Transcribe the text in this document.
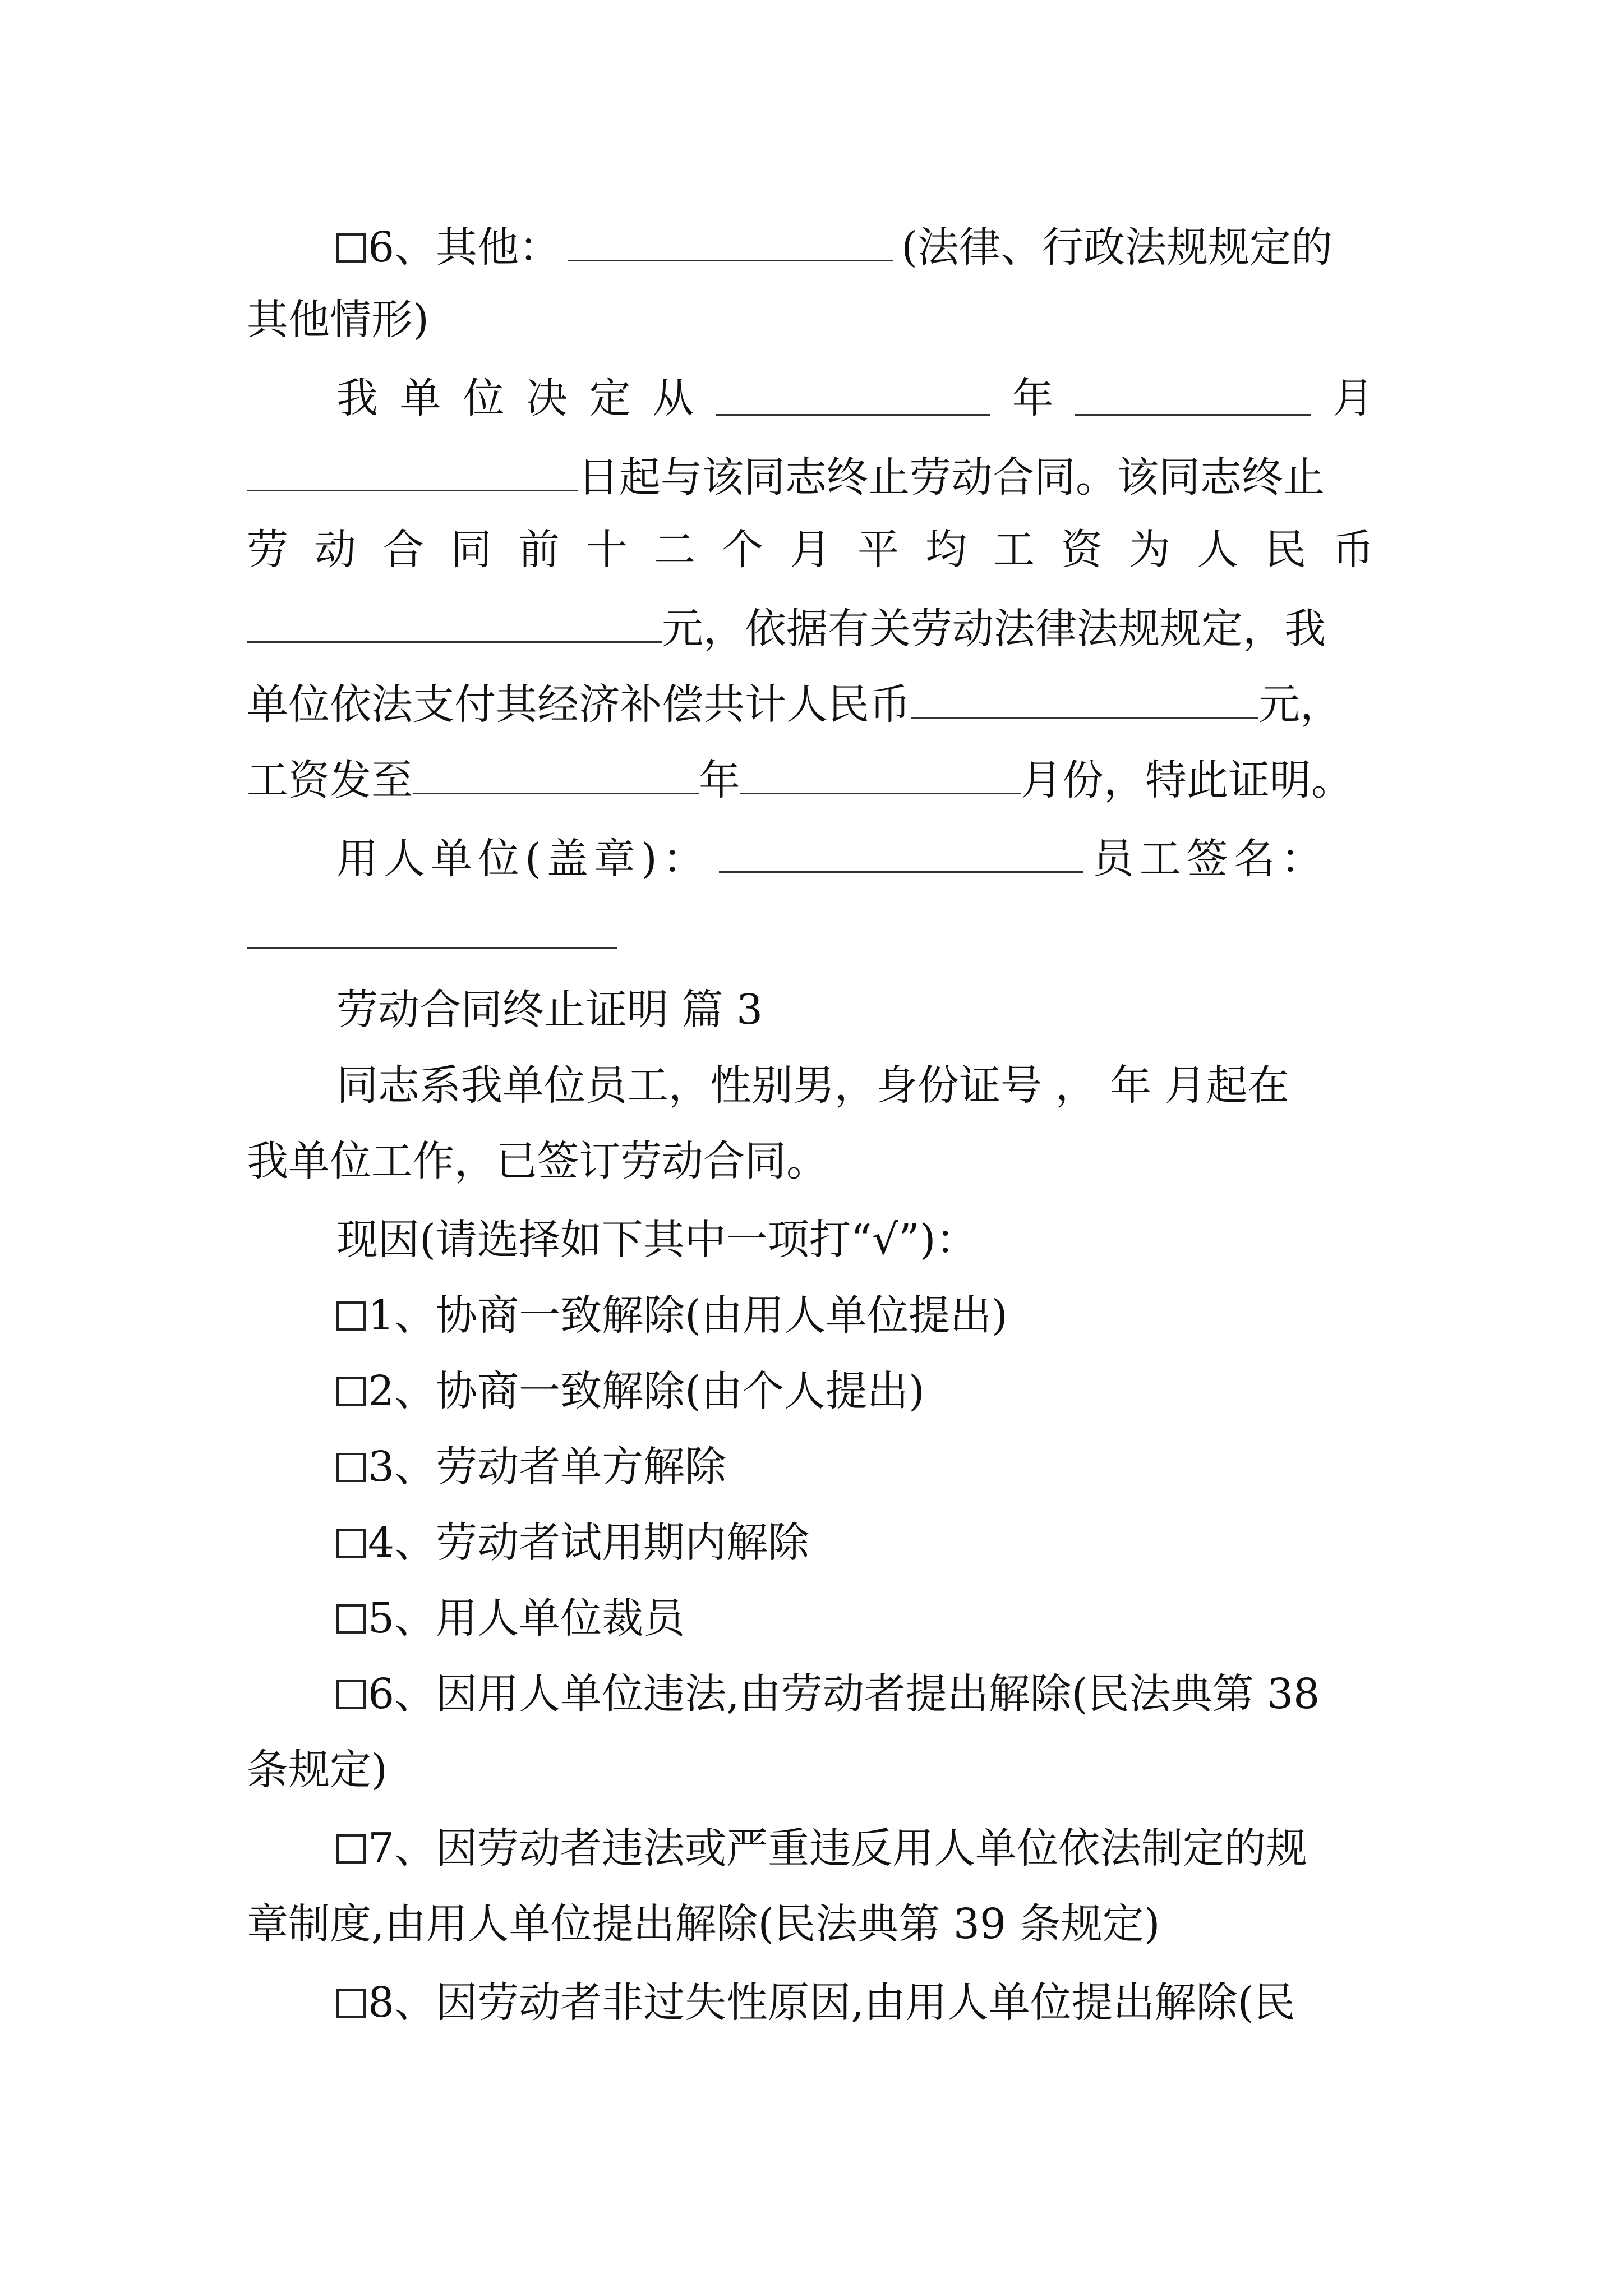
6、其他：	(法律、行政法规规定的
其他情形)
我 单 位 决 定 从	年	月
日起与该同志终止劳动合同。该同志终止
劳 动 合 同 前 十 二 个 月 平 均 工 资 为 人 民 币
元，依据有关劳动法律法规规定，我
单位依法支付其经济补偿共计人民币	元，
工资发至	年	月份，特此证明。
用人单位(盖章)：	员工签名：
劳动合同终止证明 篇 3
同志系我单位员工，性别男，身份证号 ， 年 月起在
我单位工作，已签订劳动合同。
现因(请选择如下其中一项打“√”)：
1、协商一致解除(由用人单位提出)
2、协商一致解除(由个人提出)
3、劳动者单方解除
4、劳动者试用期内解除
5、用人单位裁员
6、因用人单位违法,由劳动者提出解除(民法典第 38
条规定)
7、因劳动者违法或严重违反用人单位依法制定的规
章制度,由用人单位提出解除(民法典第 39 条规定)
8、因劳动者非过失性原因,由用人单位提出解除(民
